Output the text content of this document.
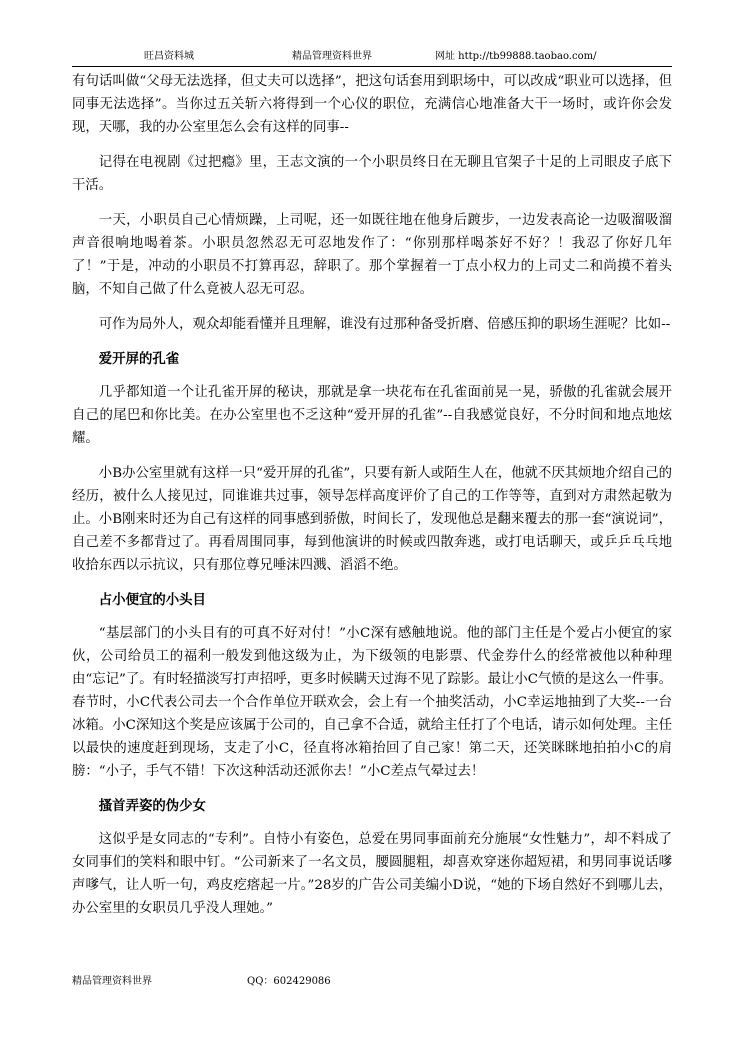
旺昌资料城	精品管理资料世界	网址 http://tb99888.taobao.com/

有句话叫做“父母无法选择，但丈夫可以选择”，把这句话套用到职场中，可以改成“职业可以选择，但同事无法选择”。当你过五关斩六将得到一个心仪的职位，充满信心地准备大干一场时，或许你会发现，天哪，我的办公室里怎么会有这样的同事--

记得在电视剧《过把瘾》里，王志文演的一个小职员终日在无聊且官架子十足的上司眼皮子底下干活。

一天，小职员自己心情烦躁，上司呢，还一如既往地在他身后踱步，一边发表高论一边吸溜吸溜声音很响地喝着茶。小职员忽然忍无可忍地发作了：“你别那样喝茶好不好？！我忍了你好几年了！”于是，冲动的小职员不打算再忍，辞职了。那个掌握着一丁点小权力的上司丈二和尚摸不着头脑，不知自己做了什么竟被人忍无可忍。

可作为局外人，观众却能看懂并且理解，谁没有过那种备受折磨、倍感压抑的职场生涯呢？比如--

爱开屏的孔雀

几乎都知道一个让孔雀开屏的秘诀，那就是拿一块花布在孔雀面前晃一晃，骄傲的孔雀就会展开自己的尾巴和你比美。在办公室里也不乏这种“爱开屏的孔雀”--自我感觉良好，不分时间和地点地炫耀。

小B办公室里就有这样一只“爱开屏的孔雀”，只要有新人或陌生人在，他就不厌其烦地介绍自己的经历，被什么人接见过，同谁谁共过事，领导怎样高度评价了自己的工作等等，直到对方肃然起敬为止。小B刚来时还为自己有这样的同事感到骄傲，时间长了，发现他总是翻来覆去的那一套“演说词”，自己差不多都背过了。再看周围同事，每到他演讲的时候或四散奔逃，或打电话聊天，或乒乒乓乓地收拾东西以示抗议，只有那位尊兄唾沫四溅、滔滔不绝。

占小便宜的小头目

“基层部门的小头目有的可真不好对付！”小C深有感触地说。他的部门主任是个爱占小便宜的家伙，公司给员工的福利一般发到他这级为止，为下级领的电影票、代金券什么的经常被他以种种理由“忘记”了。有时轻描淡写打声招呼，更多时候瞒天过海不见了踪影。最让小C气愤的是这么一件事。春节时，小C代表公司去一个合作单位开联欢会，会上有一个抽奖活动，小C幸运地抽到了大奖--一台冰箱。小C深知这个奖是应该属于公司的，自己拿不合适，就给主任打了个电话，请示如何处理。主任以最快的速度赶到现场，支走了小C，径直将冰箱抬回了自己家！第二天，还笑眯眯地拍拍小C的肩膀：“小子，手气不错！下次这种活动还派你去！”小C差点气晕过去！

搔首弄姿的伪少女

这似乎是女同志的“专利”。自恃小有姿色，总爱在男同事面前充分施展“女性魅力”，却不料成了女同事们的笑料和眼中钉。“公司新来了一名文员，腰圆腿粗，却喜欢穿迷你超短裙，和男同事说话嗲声嗲气，让人听一句，鸡皮疙瘩起一片。”28岁的广告公司美编小D说，“她的下场自然好不到哪儿去，办公室里的女职员几乎没人理她。”

精品管理资料世界	QQ：602429086
